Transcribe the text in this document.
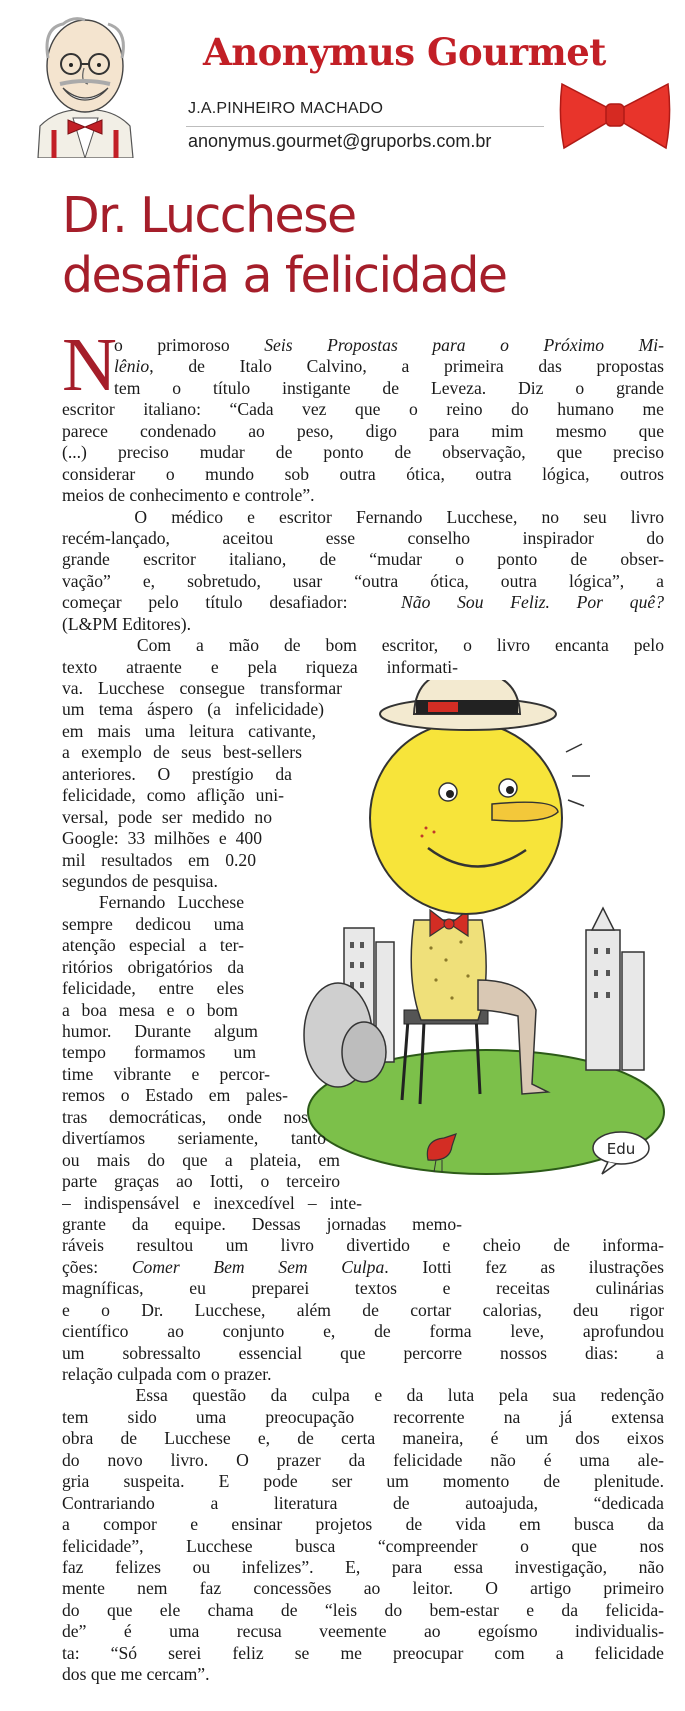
Anonymus Gourmet
J.A.PINHEIRO MACHADO
anonymus.gourmet@gruporbs.com.br
Dr. Lucchese
desafia a felicidade
N
Edu
o primoroso Seis Propostas para o Próximo Mi-
lênio, de Italo Calvino, a primeira das propostas
tem o título instigante de Leveza. Diz o grande
escritor italiano: “Cada vez que o reino do humano me
parece condenado ao peso, digo para mim mesmo que
(...) preciso mudar de ponto de observação, que preciso
considerar o mundo sob outra ótica, outra lógica, outros
meios de conhecimento e controle”.
O médico e escritor Fernando Lucchese, no seu livro
recém-lançado, aceitou esse conselho inspirador do
grande escritor italiano, de “mudar o ponto de obser-
vação” e, sobretudo, usar “outra ótica, outra lógica”, a
começar pelo título desafiador:  Não Sou Feliz. Por quê?
(L&PM Editores).
Com a mão de bom escritor, o livro encanta pelo
texto atraente e pela riqueza informati-
va. Lucchese consegue transformar
um tema áspero (a infelicidade)
em mais uma leitura cativante,
a exemplo de seus best-sellers
anteriores. O prestígio da
felicidade, como aflição uni-
versal, pode ser medido no
Google: 33 milhões e 400
mil resultados em 0.20
segundos de pesquisa.
Fernando Lucchese
sempre dedicou uma
atenção especial a ter-
ritórios obrigatórios da
felicidade, entre eles
a boa mesa e o bom
humor. Durante algum
tempo formamos um
time vibrante e percor-
remos o Estado em pales-
tras democráticas, onde nos
divertíamos seriamente, tanto
ou mais do que a plateia, em
parte graças ao Iotti, o terceiro
– indispensável e inexcedível – inte-
grante da equipe. Dessas jornadas memo-
ráveis resultou um livro divertido e cheio de informa-
ções: Comer Bem Sem Culpa. Iotti fez as ilustrações
magníficas, eu preparei textos e receitas culinárias
e o Dr. Lucchese, além de cortar calorias, deu rigor
científico ao conjunto e, de forma leve, aprofundou
um sobressalto essencial que percorre nossos dias: a
relação culpada com o prazer.
Essa questão da culpa e da luta pela sua redenção
tem sido uma preocupação recorrente na já extensa
obra de Lucchese e, de certa maneira, é um dos eixos
do novo livro. O prazer da felicidade não é uma ale-
gria suspeita. E pode ser um momento de plenitude.
Contrariando a literatura de autoajuda, “dedicada
a compor e ensinar projetos de vida em busca da
felicidade”, Lucchese busca “compreender o que nos
faz felizes ou infelizes”. E, para essa investigação, não
mente nem faz concessões ao leitor. O artigo primeiro
do que ele chama de “leis do bem-estar e da felicida-
de” é uma recusa veemente ao egoísmo individualis-
ta: “Só serei feliz se me preocupar com a felicidade
dos que me cercam”.
